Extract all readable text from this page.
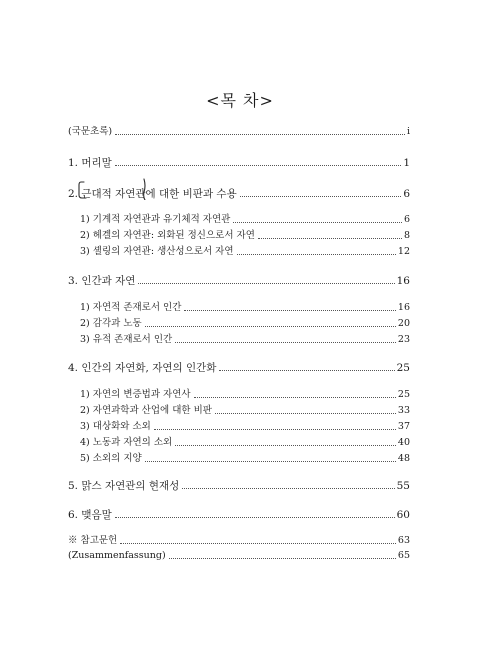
<목 차>
(국문초록)	i
1. 머리말	1
2. 근대적 자연관에 대한 비판과 수용	6
1) 기계적 자연관과 유기체적 자연관	6
2) 헤겔의 자연관: 외화된 정신으로서 자연	8
3) 셸링의 자연관: 생산성으로서 자연	12
3. 인간과 자연	16
1) 자연적 존재로서 인간	16
2) 감각과 노동	20
3) 유적 존재로서 인간	23
4. 인간의 자연화, 자연의 인간화	25
1) 자연의 변증법과 자연사	25
2) 자연과학과 산업에 대한 비판	33
3) 대상화와 소외	37
4) 노동과 자연의 소외	40
5) 소외의 지양	48
5. 맑스 자연관의 현재성	55
6. 맺음말	60
※ 참고문헌	63
(Zusammenfassung)	65
